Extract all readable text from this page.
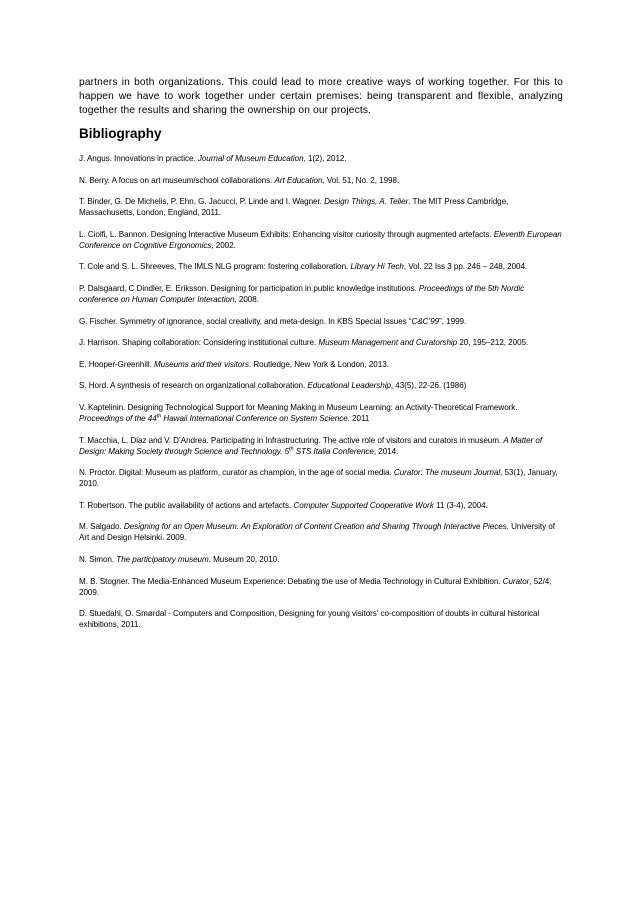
partners in both organizations. This could lead to more creative ways of working together. For this to happen we have to work together under certain premises: being transparent and flexible, analyzing together the results and sharing the ownership on our projects.

Bibliography

J. Angus. Innovations in practice. Journal of Museum Education, 1(2), 2012.

N. Berry. A focus on art museum/school collaborations. Art Education, Vol. 51, No. 2, 1998.

T. Binder, G. De Michelis, P. Ehn, G. Jacucci, P. Linde and I. Wagner. Design Things, A. Telier. The MIT Press Cambridge, Massachusetts, London, England, 2011.

L. Ciolfi, L. Bannon. Designing Interactive Museum Exhibits: Enhancing visitor curiosity through augmented artefacts. Eleventh European Conference on Cognitive Ergonomics, 2002.

T. Cole and S. L. Shreeves, The IMLS NLG program: fostering collaboration. Library Hi Tech, Vol. 22 Iss 3 pp. 246 – 248, 2004.

P. Dalsgaard, C Dindler, E. Eriksson. Designing for participation in public knowledge institutions. Proceedings of the 5th Nordic conference on Human Computer Interaction, 2008.

G. Fischer. Symmetry of ignorance, social creativity, and meta-design. In KBS Special Issues “C&C’99”, 1999.

J. Harrison. Shaping collaboration: Considering institutional culture. Museum Management and Curatorship 20, 195–212, 2005.

E. Hooper-Greenhill. Museums and their visitors. Routledge, New York & London, 2013.

S. Hord. A synthesis of research on organizational collaboration. Educational Leadership, 43(5), 22-26. (1986)

V. Kaptelinin. Designing Technological Support for Meaning Making in Museum Learning: an Activity-Theoretical Framework. Proceedings of the 44th Hawaii International Conference on System Science. 2011

T. Macchia, L. Diaz and V. D’Andrea. Participating in Infrastructuring. The active role of visitors and curators in museum. A Matter of Design: Making Society through Science and Technology. 5th STS Italia Conference, 2014.

N. Proctor. Digital: Museum as platform, curator as champion, in the age of social media. Curator: The museum Journal, 53(1), January, 2010.

T. Robertson. The public availability of actions and artefacts. Computer Supported Cooperative Work 11 (3-4), 2004.

M. Salgado. Designing for an Open Museum. An Exploration of Content Creation and Sharing Through Interactive Pieces. University of Art and Design Helsinki. 2009.

N. Simon. The participatory museum. Museum 20, 2010.

M. B. Stogner. The Media-Enhanced Museum Experience: Debating the use of Media Technology in Cultural Exhibition. Curator, 52/4, 2009.

D. Stuedahl, O. Smørdal - Computers and Composition, Designing for young visitors’ co-composition of doubts in cultural historical exhibitions, 2011.
